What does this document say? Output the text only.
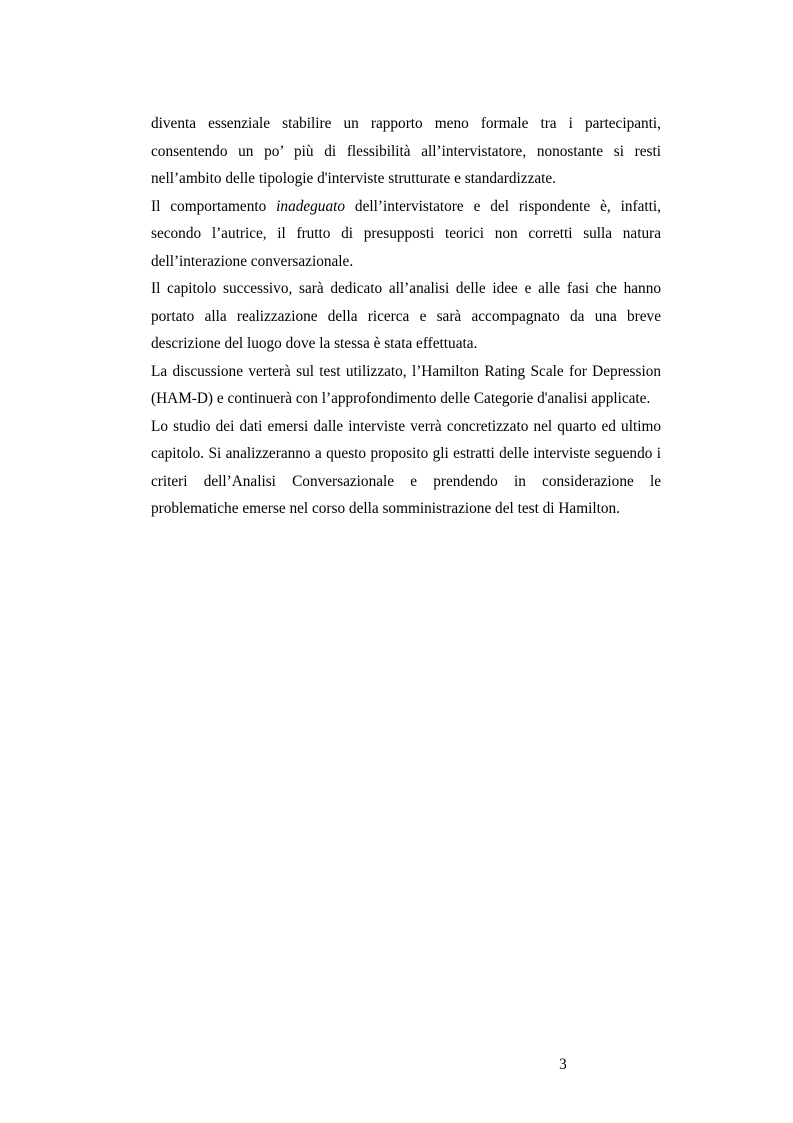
diventa essenziale stabilire un rapporto meno formale tra i partecipanti, consentendo un po’ più di flessibilità all’intervistatore, nonostante si resti nell’ambito delle tipologie d'interviste strutturate e standardizzate.

Il comportamento inadeguato dell’intervistatore e del rispondente è, infatti, secondo l’autrice, il frutto di presupposti teorici non corretti sulla natura dell’interazione conversazionale.

Il capitolo successivo, sarà dedicato all’analisi delle idee e alle fasi che hanno portato alla realizzazione della ricerca e sarà accompagnato da una breve descrizione del luogo dove la stessa è stata effettuata.

La discussione verterà sul test utilizzato, l’Hamilton Rating Scale for Depression (HAM-D) e continuerà con l’approfondimento delle Categorie d'analisi applicate.

Lo studio dei dati emersi dalle interviste verrà concretizzato nel quarto ed ultimo capitolo. Si analizzeranno a questo proposito gli estratti delle interviste seguendo i criteri dell’Analisi Conversazionale e prendendo in considerazione le problematiche emerse nel corso della somministrazione del test di Hamilton.

3
